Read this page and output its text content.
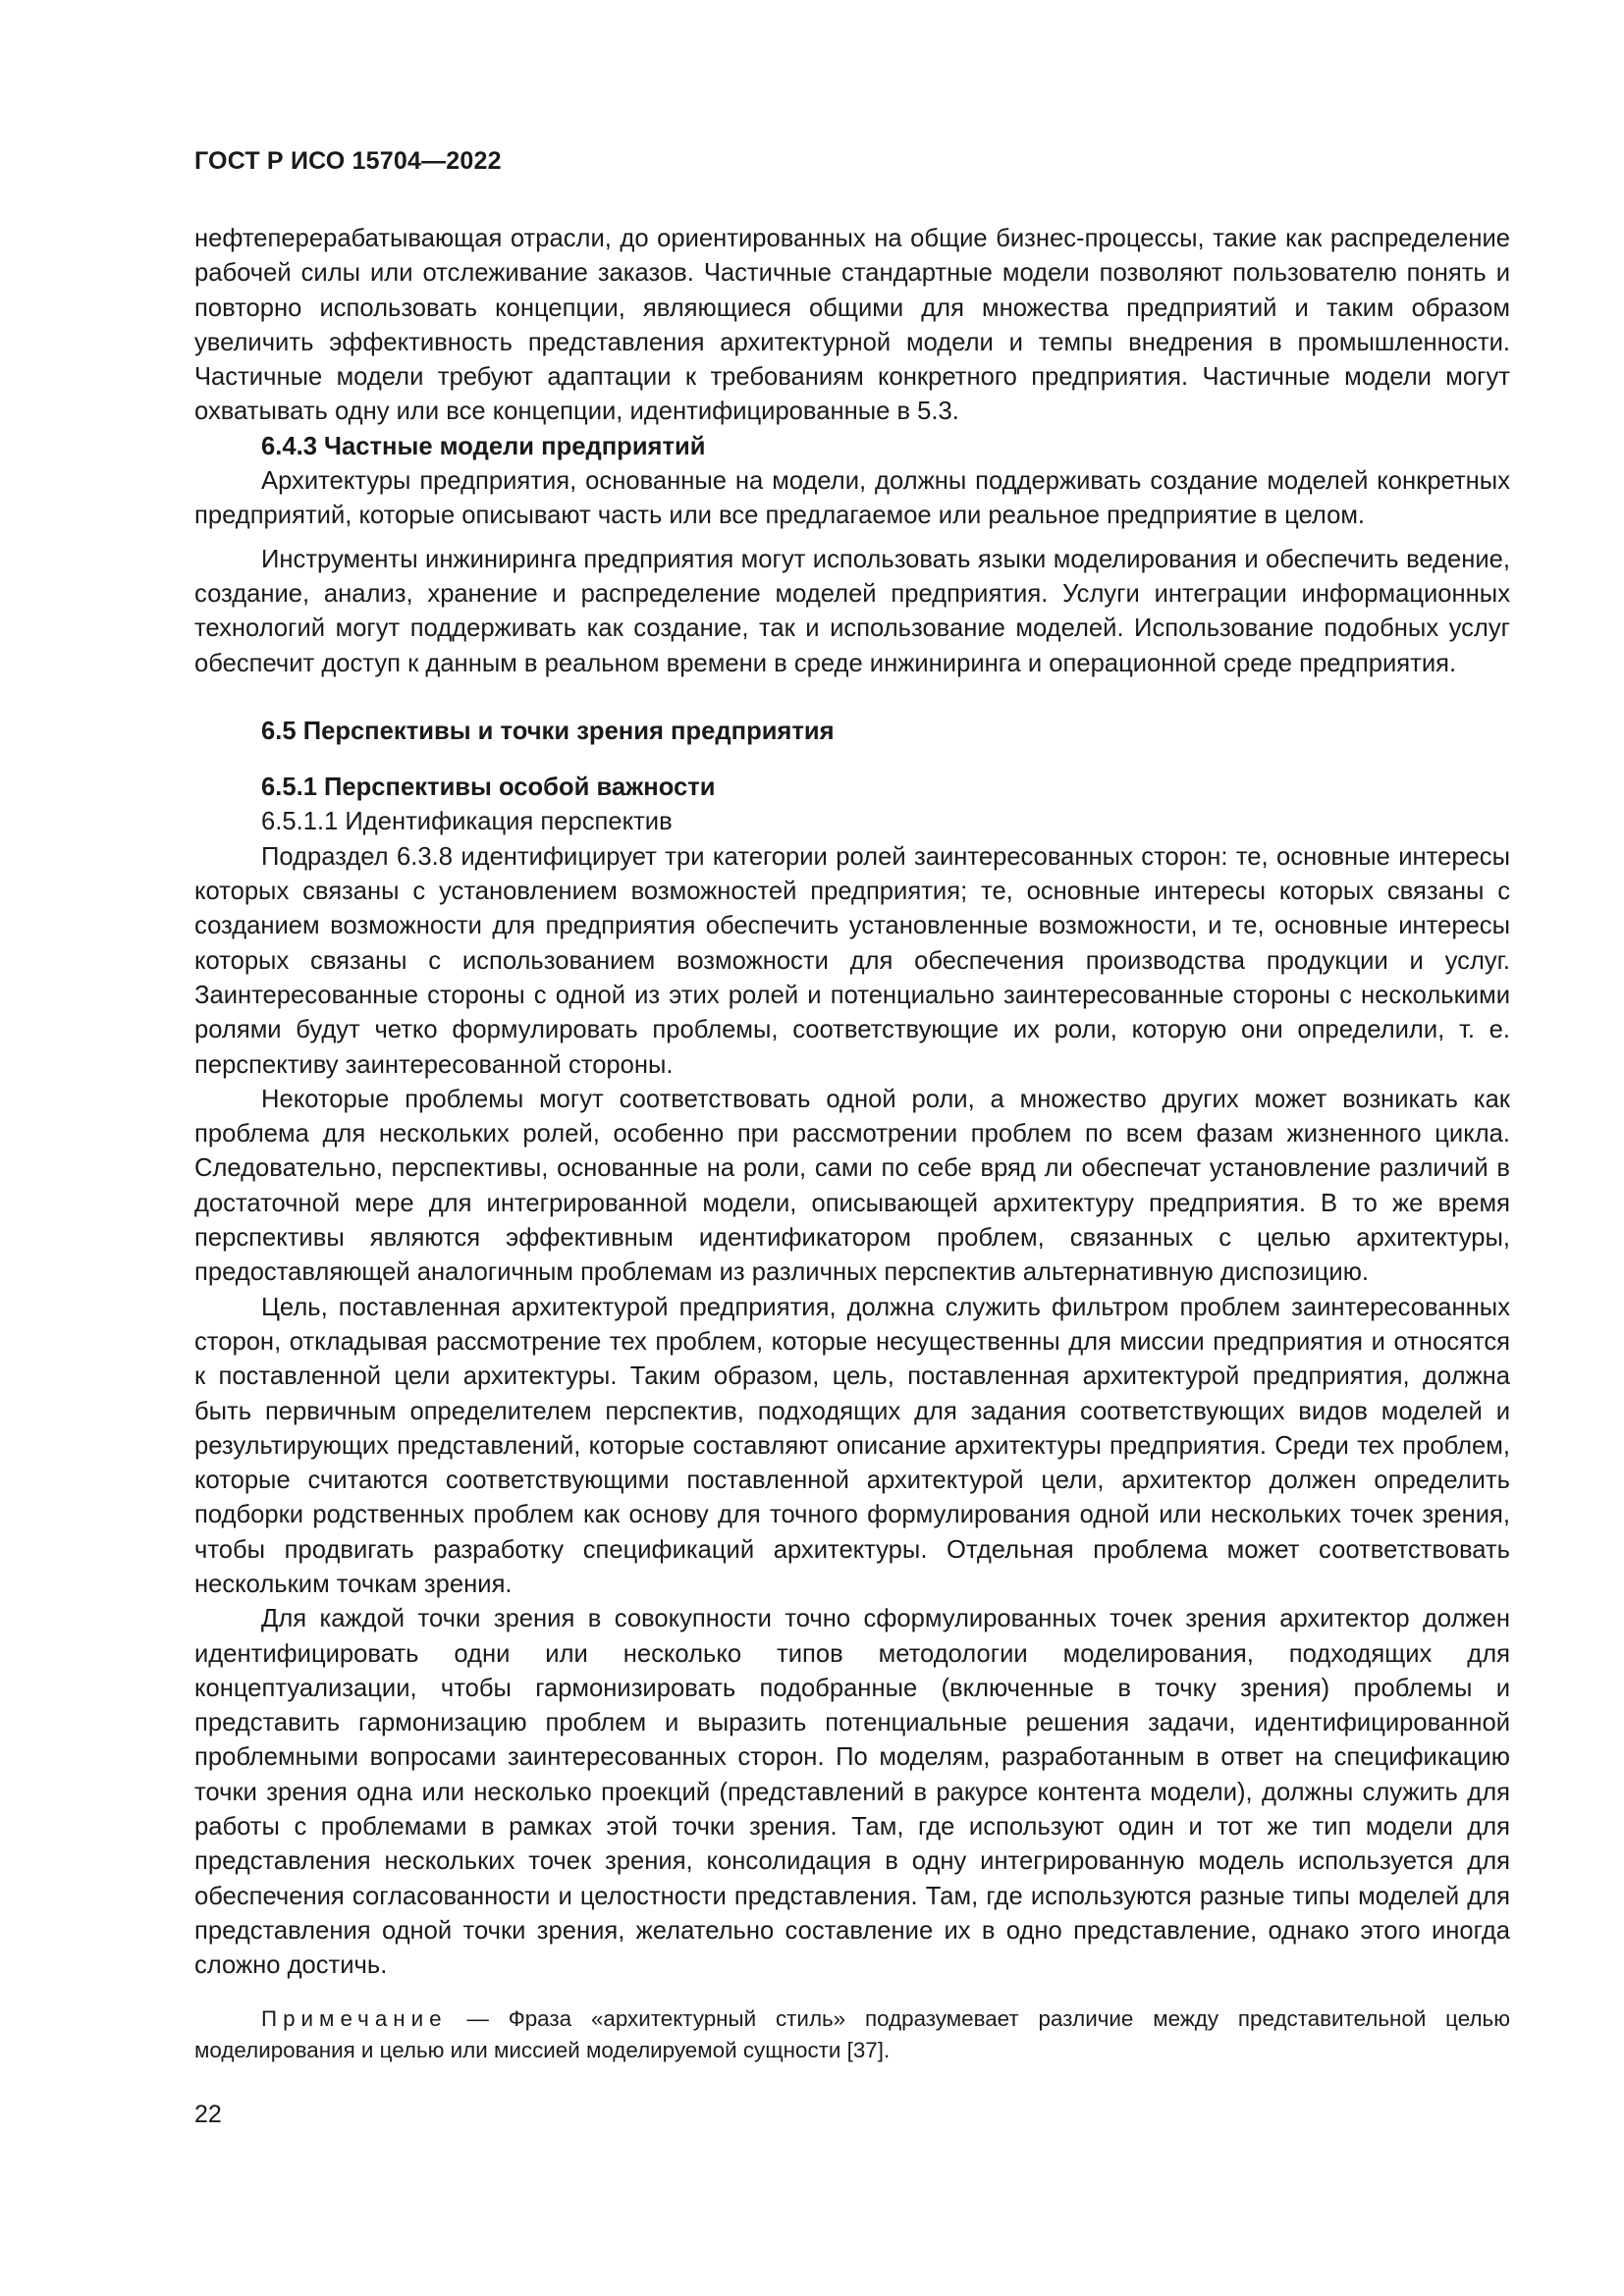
ГОСТ Р ИСО 15704—2022

нефтеперерабатывающая отрасли, до ориентированных на общие бизнес-процессы, такие как распределение рабочей силы или отслеживание заказов. Частичные стандартные модели позволяют пользователю понять и повторно использовать концепции, являющиеся общими для множества предприятий и таким образом увеличить эффективность представления архитектурной модели и темпы внедрения в промышленности. Частичные модели требуют адаптации к требованиям конкретного предприятия. Частичные модели могут охватывать одну или все концепции, идентифицированные в 5.3.

6.4.3 Частные модели предприятий

Архитектуры предприятия, основанные на модели, должны поддерживать создание моделей конкретных предприятий, которые описывают часть или все предлагаемое или реальное предприятие в целом.

Инструменты инжиниринга предприятия могут использовать языки моделирования и обеспечить ведение, создание, анализ, хранение и распределение моделей предприятия. Услуги интеграции информационных технологий могут поддерживать как создание, так и использование моделей. Использование подобных услуг обеспечит доступ к данным в реальном времени в среде инжиниринга и операционной среде предприятия.

6.5 Перспективы и точки зрения предприятия

6.5.1 Перспективы особой важности

6.5.1.1 Идентификация перспектив

Подраздел 6.3.8 идентифицирует три категории ролей заинтересованных сторон: те, основные интересы которых связаны с установлением возможностей предприятия; те, основные интересы которых связаны с созданием возможности для предприятия обеспечить установленные возможности, и те, основные интересы которых связаны с использованием возможности для обеспечения производства продукции и услуг. Заинтересованные стороны с одной из этих ролей и потенциально заинтересованные стороны с несколькими ролями будут четко формулировать проблемы, соответствующие их роли, которую они определили, т. е. перспективу заинтересованной стороны.

Некоторые проблемы могут соответствовать одной роли, а множество других может возникать как проблема для нескольких ролей, особенно при рассмотрении проблем по всем фазам жизненного цикла. Следовательно, перспективы, основанные на роли, сами по себе вряд ли обеспечат установление различий в достаточной мере для интегрированной модели, описывающей архитектуру предприятия. В то же время перспективы являются эффективным идентификатором проблем, связанных с целью архитектуры, предоставляющей аналогичным проблемам из различных перспектив альтернативную диспозицию.

Цель, поставленная архитектурой предприятия, должна служить фильтром проблем заинтересованных сторон, откладывая рассмотрение тех проблем, которые несущественны для миссии предприятия и относятся к поставленной цели архитектуры. Таким образом, цель, поставленная архитектурой предприятия, должна быть первичным определителем перспектив, подходящих для задания соответствующих видов моделей и результирующих представлений, которые составляют описание архитектуры предприятия. Среди тех проблем, которые считаются соответствующими поставленной архитектурой цели, архитектор должен определить подборки родственных проблем как основу для точного формулирования одной или нескольких точек зрения, чтобы продвигать разработку спецификаций архитектуры. Отдельная проблема может соответствовать нескольким точкам зрения.

Для каждой точки зрения в совокупности точно сформулированных точек зрения архитектор должен идентифицировать одни или несколько типов методологии моделирования, подходящих для концептуализации, чтобы гармонизировать подобранные (включенные в точку зрения) проблемы и представить гармонизацию проблем и выразить потенциальные решения задачи, идентифицированной проблемными вопросами заинтересованных сторон. По моделям, разработанным в ответ на спецификацию точки зрения одна или несколько проекций (представлений в ракурсе контента модели), должны служить для работы с проблемами в рамках этой точки зрения. Там, где используют один и тот же тип модели для представления нескольких точек зрения, консолидация в одну интегрированную модель используется для обеспечения согласованности и целостности представления. Там, где используются разные типы моделей для представления одной точки зрения, желательно составление их в одно представление, однако этого иногда сложно достичь.

Примечание — Фраза «архитектурный стиль» подразумевает различие между представительной целью моделирования и целью или миссией моделируемой сущности [37].

22
